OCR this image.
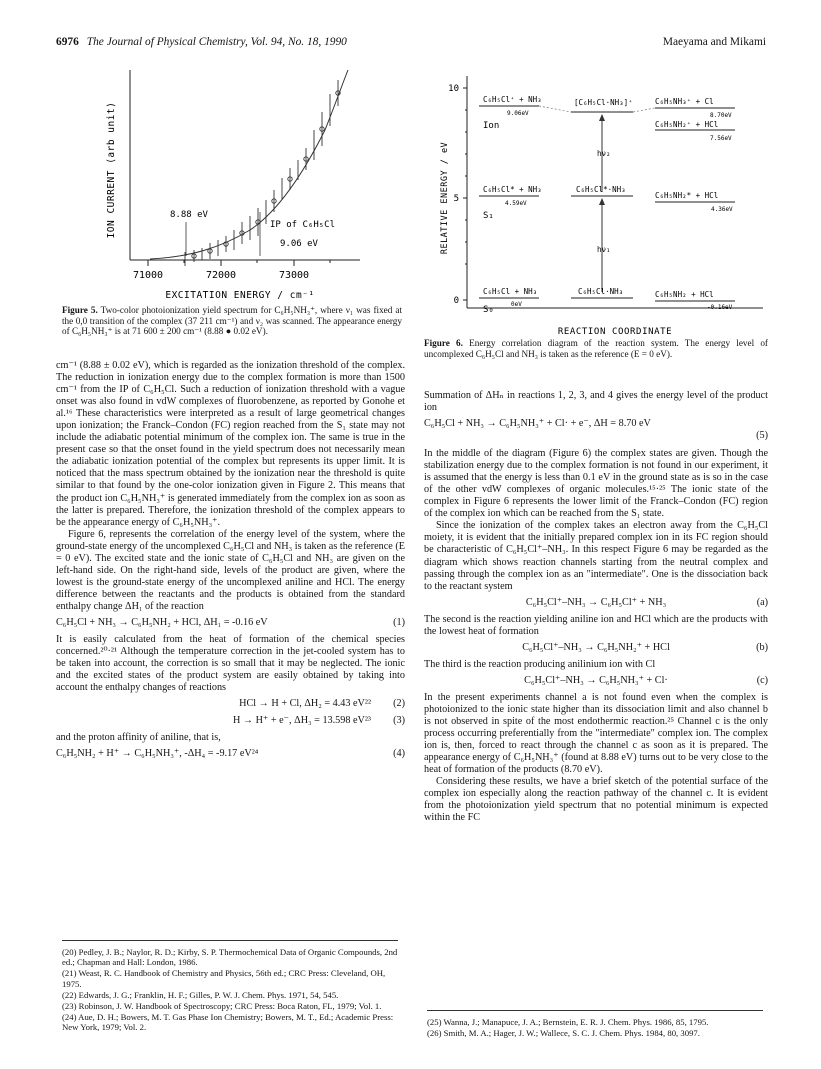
6976 The Journal of Physical Chemistry, Vol. 94, No. 18, 1990	Maeyama and Mikami
71000	72000	73000
EXCITATION ENERGY / cm⁻¹
ION CURRENT (arb unit)	8.88 eV
IP of C₆H₅Cl
9.06 eV
Figure 5. Two-color photoionization yield spectrum for C₆H₅NH₃⁺, where ν₁ was fixed at the 0,0 transition of the complex (37 211 cm⁻¹) and ν₂ was scanned. The appearance energy of C₆H₅NH₃⁺ is at 71 600 ± 200 cm⁻¹ (8.88 ● 0.02 eV).
10
5
0
RELATIVE ENERGY / eV
REACTION COORDINATE
C₆H₅Cl⁺ + NH₃
9.06eV
[C₆H₅Cl·NH₃]⁺	C₆H₅NH₃⁺ + Cl
8.70eV
C₆H₅NH₂⁺ + HCl
7.56eV
Ion
hν₂
C₆H₅Cl* + NH₃
4.59eV
C₆H₅Cl*·NH₃
C₆H₅NH₂* + HCl
4.36eV
S₁
hν₁
C₆H₅Cl + NH₃
0eV
C₆H₅Cl·NH₃	C₆H₅NH₂ + HCl
-0.16eV
S₀
Figure 6. Energy correlation diagram of the reaction system. The energy level of uncomplexed C₆H₅Cl and NH₃ is taken as the reference (E = 0 eV).

cm⁻¹ (8.88 ± 0.02 eV), which is regarded as the ionization threshold of the complex. The reduction in ionization energy due to the complex formation is more than 1500 cm⁻¹ from the IP of C₆H₅Cl. Such a reduction of ionization threshold with a vague onset was also found in vdW complexes of fluorobenzene, as reported by Gonohe et al.¹⁶ These characteristics were interpreted as a result of large geometrical changes upon ionization; the Franck–Condon (FC) region reached from the S₁ state may not include the adiabatic potential minimum of the complex ion. The same is true in the present case so that the onset found in the yield spectrum does not necessarily mean the adiabatic ionization potential of the complex but represents its upper limit. It is noticed that the mass spectrum obtained by the ionization near the threshold is quite similar to that found by the one-color ionization given in Figure 2. This means that the product ion C₆H₅NH₃⁺ is generated immediately from the complex ion as soon as the latter is prepared. Therefore, the ionization threshold of the complex appears to be the appearance energy of C₆H₅NH₃⁺.

Figure 6, represents the correlation of the energy level of the system, where the ground-state energy of the uncomplexed C₆H₅Cl and NH₃ is taken as the reference (E = 0 eV). The excited state and the ionic state of C₆H₅Cl and NH₃ are given on the left-hand side. On the right-hand side, levels of the product are given, where the lowest is the ground-state energy of the uncomplexed aniline and HCl. The energy difference between the reactants and the products is obtained from the standard enthalpy change ΔH₁ of the reaction

C₆H₅Cl + NH₃ → C₆H₅NH₂ + HCl, ΔH₁ = -0.16 eV	(1)

It is easily calculated from the heat of formation of the chemical species concerned.²⁰·²¹ Although the temperature correction in the jet-cooled system has to be taken into account, the correction is so small that it may be neglected. The ionic and the excited states of the product system are easily obtained by taking into account the enthalpy changes of reactions

HCl → H + Cl, ΔH₂ = 4.43 eV²² (2)
H → H⁺ + e⁻, ΔH₃ = 13.598 eV²³ (3)

and the proton affinity of aniline, that is,

C₆H₅NH₂ + H⁺ → C₆H₅NH₃⁺, -ΔH₄ = -9.17 eV²⁴	(4)

Summation of ΔHₙ in reactions 1, 2, 3, and 4 gives the energy level of the product ion

C₆H₅Cl + NH₃ → C₆H₅NH₃⁺ + Cl· + e⁻, ΔH = 8.70 eV
(5)

In the middle of the diagram (Figure 6) the complex states are given. Though the stabilization energy due to the complex formation is not found in our experiment, it is assumed that the energy is less than 0.1 eV in the ground state as is so in the case of the other vdW complexes of organic molecules.¹⁵·²⁵ The ionic state of the complex in Figure 6 represents the lower limit of the Franck–Condon (FC) region of the complex ion which can be reached from the S₁ state.

Since the ionization of the complex takes an electron away from the C₆H₅Cl moiety, it is evident that the initially prepared complex ion in its FC region should be characteristic of C₆H₅Cl⁺–NH₃. In this respect Figure 6 may be regarded as the diagram which shows reaction channels starting from the neutral complex and passing through the complex ion as an "intermediate". One is the dissociation back to the reactant system

C₆H₅Cl⁺–NH₃ → C₆H₅Cl⁺ + NH₃	(a)

The second is the reaction yielding aniline ion and HCl which are the products with the lowest heat of formation

C₆H₅Cl⁺–NH₃ → C₆H₅NH₂⁺ + HCl	(b)

The third is the reaction producing anilinium ion with Cl

C₆H₅Cl⁺–NH₃ → C₆H₅NH₃⁺ + Cl·	(c)

In the present experiments channel a is not found even when the complex is photoionized to the ionic state higher than its dissociation limit and also channel b is not observed in spite of the most endothermic reaction.²⁵ Channel c is the only process occurring preferentially from the "intermediate" complex ion. The complex ion is, then, forced to react through the channel c as soon as it is prepared. The appearance energy of C₆H₅NH₃⁺ (found at 8.88 eV) turns out to be very close to the heat of formation of the products (8.70 eV).

Considering these results, we have a brief sketch of the potential surface of the complex ion especially along the reaction pathway of the channel c. It is evident from the photoionization yield spectrum that no potential minimum is expected within the FC

(20) Pedley, J. B.; Naylor, R. D.; Kirby, S. P. Thermochemical Data of Organic Compounds, 2nd ed.; Chapman and Hall: London, 1986.

(21) Weast, R. C. Handbook of Chemistry and Physics, 56th ed.; CRC Press: Cleveland, OH, 1975.

(22) Edwards, J. G.; Franklin, H. F.; Gilles, P. W. J. Chem. Phys. 1971, 54, 545.

(23) Robinson, J. W. Handbook of Spectroscopy; CRC Press: Boca Raton, FL, 1979; Vol. 1.

(24) Aue, D. H.; Bowers, M. T. Gas Phase Ion Chemistry; Bowers, M. T., Ed.; Academic Press: New York, 1979; Vol. 2.

(25) Wanna, J.; Manapuce, J. A.; Bernstein, E. R. J. Chem. Phys. 1986, 85, 1795.

(26) Smith, M. A.; Hager, J. W.; Wallece, S. C. J. Chem. Phys. 1984, 80, 3097.
